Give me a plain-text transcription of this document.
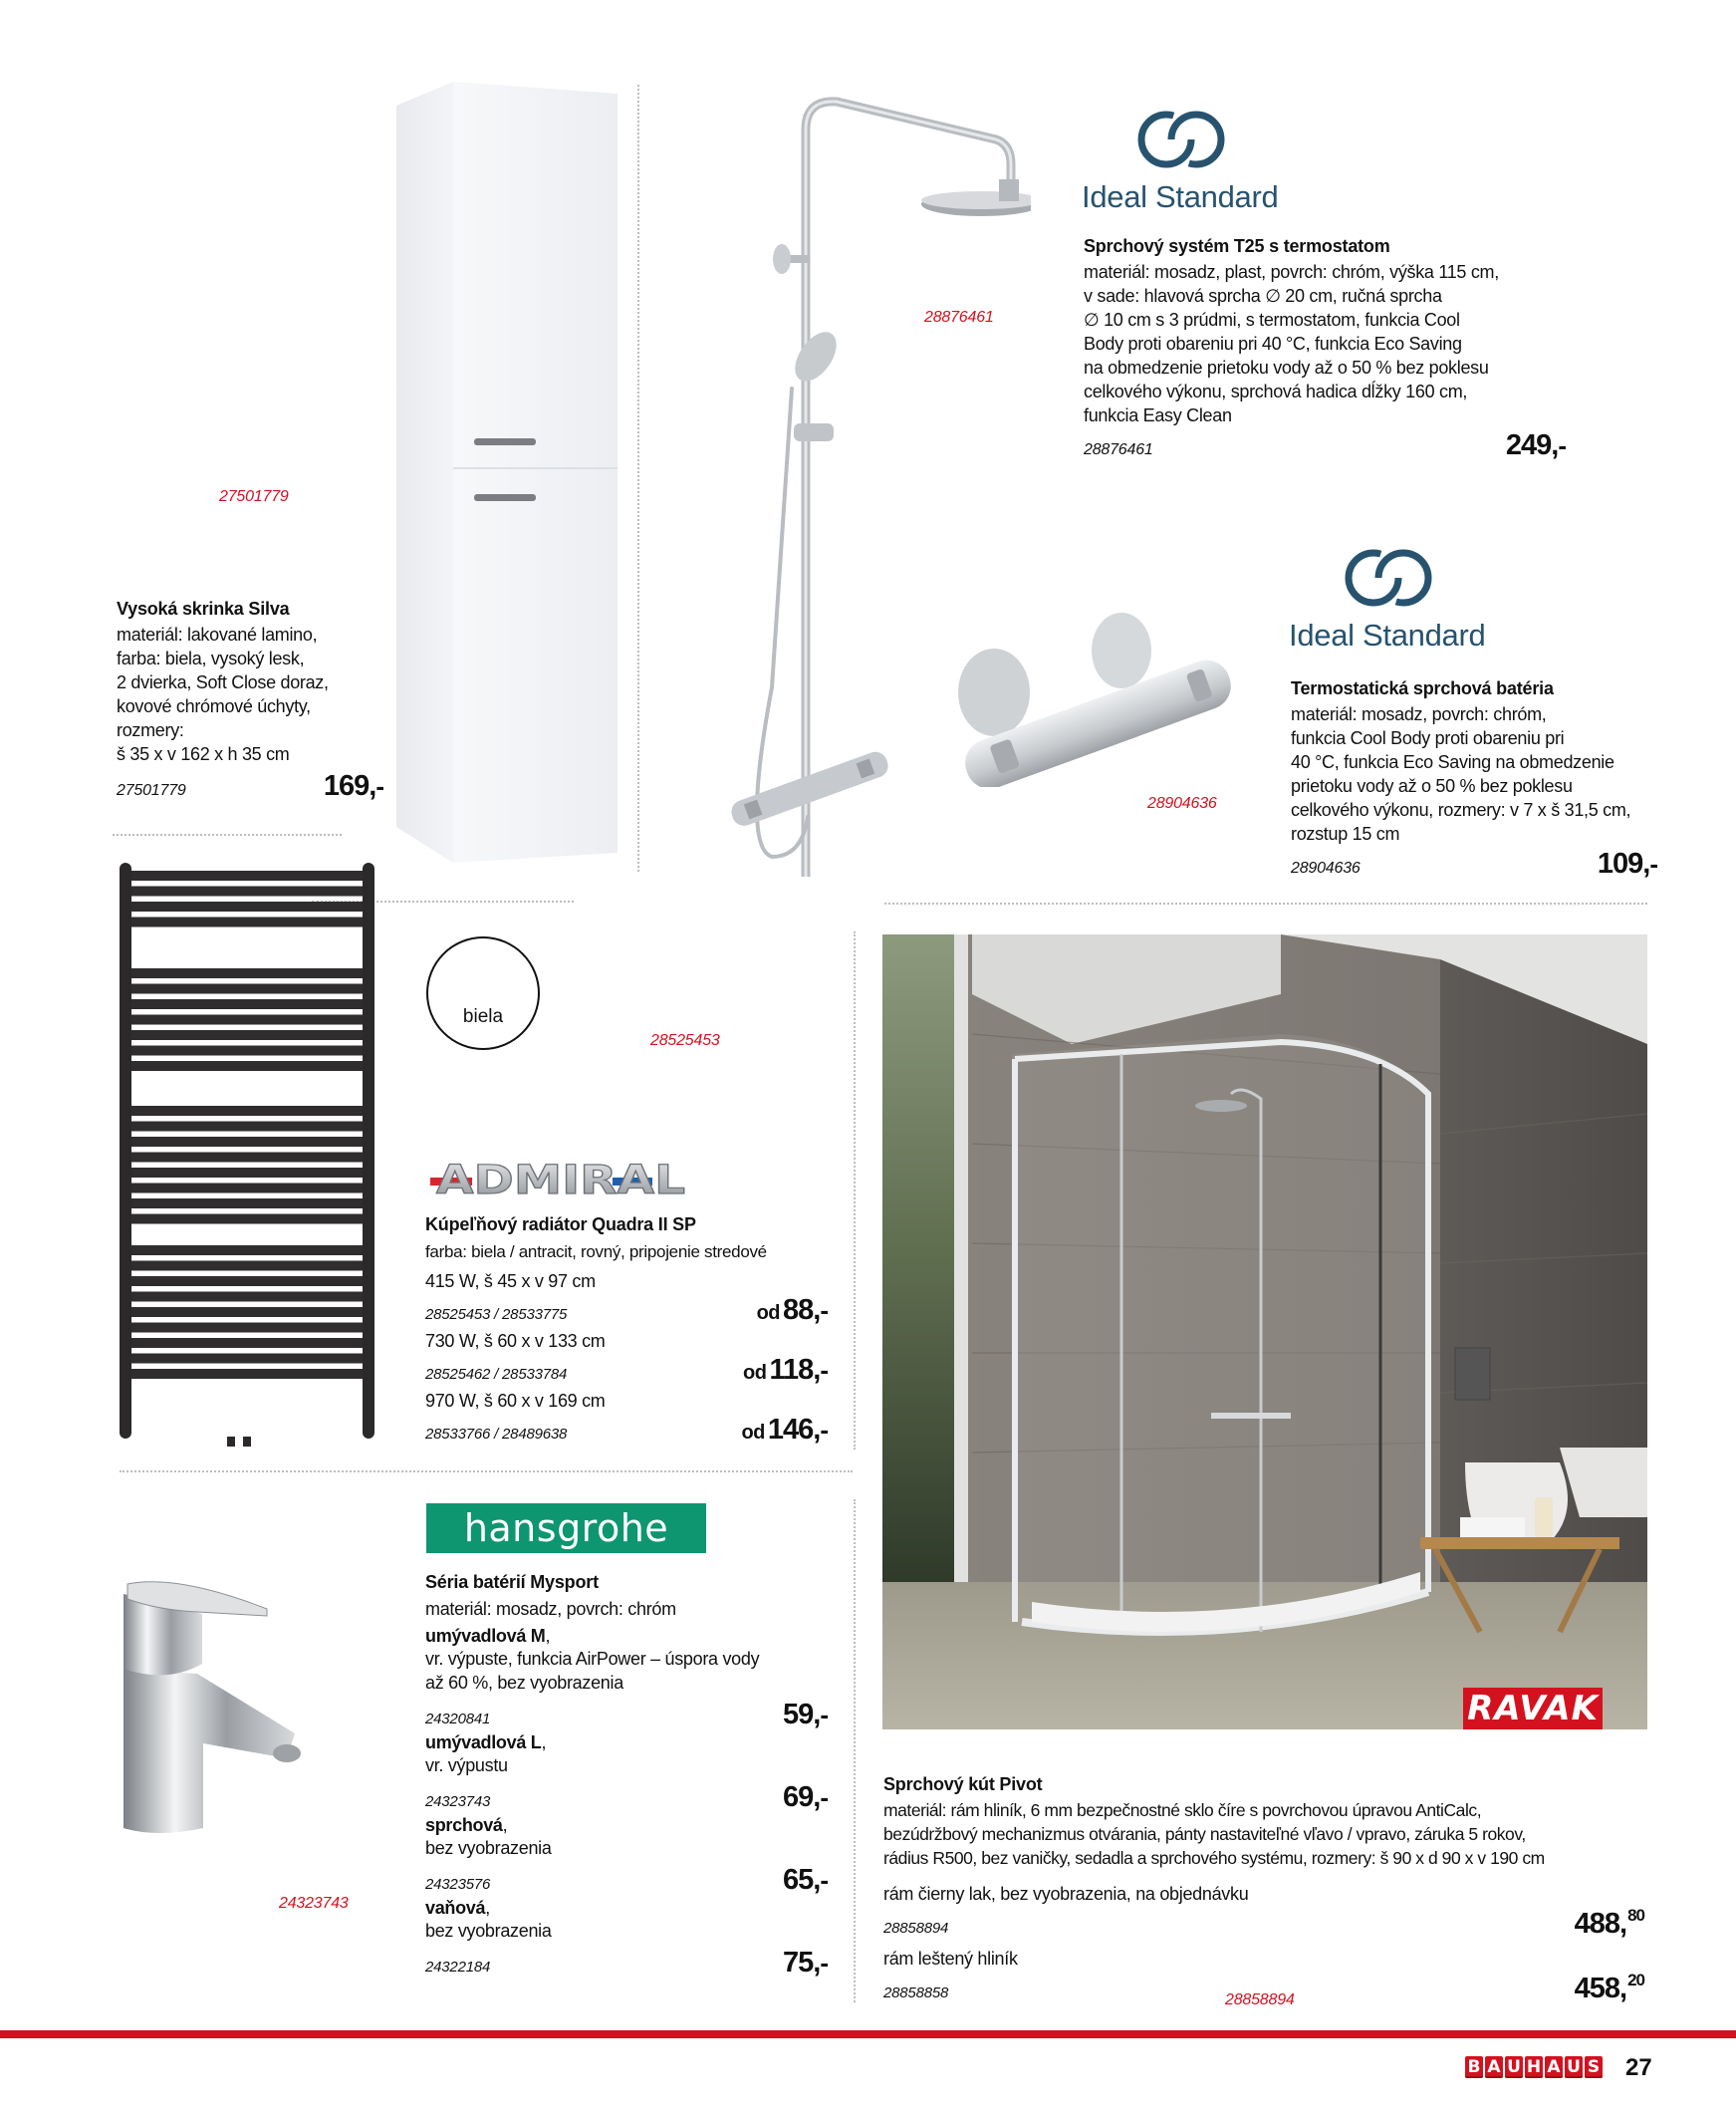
27501779
Vysoká skrinka Silva
materiál: lakované lamino,
farba: biela, vysoký lesk,
2 dvierka, Soft Close doraz,
kovové chrómové úchyty,
rozmery:
š 35 x v 162 x h 35 cm
27501779	169,-
28876461
Ideal Standard
Sprchový systém T25 s termostatom
materiál: mosadz, plast, povrch: chróm, výška 115 cm,
v sade: hlavová sprcha ∅ 20 cm, ručná sprcha
∅ 10 cm s 3 prúdmi, s termostatom, funkcia Cool
Body proti obareniu pri 40 °C, funkcia Eco Saving
na obmedzenie prietoku vody až o 50 % bez poklesu
celkového výkonu, sprchová hadica dĺžky 160 cm,
funkcia Easy Clean
28876461	249,-
28904636
Ideal Standard
Termostatická sprchová batéria
materiál: mosadz, povrch: chróm,
funkcia Cool Body proti obareniu pri
40 °C, funkcia Eco Saving na obmedzenie
prietoku vody až o 50 % bez poklesu
celkového výkonu, rozmery: v 7 x š 31,5 cm,
rozstup 15 cm
28904636	109,-
biela
28525453
ADMIRAL
Kúpeľňový radiátor Quadra II SP
farba: biela / antracit, rovný, pripojenie stredové
415 W, š 45 x v 97 cm
28525453 / 28533775	od 88,-
730 W, š 60 x v 133 cm
28525462 / 28533784	od 118,-
970 W, š 60 x v 169 cm
28533766 / 28489638	od 146,-
24323743
hansgrohe
Séria batérií Mysport
materiál: mosadz, povrch: chróm
umývadlová M,
vr. výpuste, funkcia AirPower – úspora vody
až 60 %, bez vyobrazenia
24320841	59,-
umývadlová L,
vr. výpustu
24323743	69,-
sprchová,
bez vyobrazenia
24323576	65,-
vaňová,
bez vyobrazenia
24322184	75,-
RAVAK
Sprchový kút Pivot
materiál: rám hliník, 6 mm bezpečnostné sklo číre s povrchovou úpravou AntiCalc,
bezúdržbový mechanizmus otvárania, pánty nastaviteľné vľavo / vpravo, záruka 5 rokov,
rádius R500, bez vaničky, sedadla a sprchového systému, rozmery: š 90 x d 90 x v 190 cm
rám čierny lak, bez vyobrazenia, na objednávku
28858894	488,80
rám leštený hliník
28858858	458,20
28858894
B A U H A U S 27
